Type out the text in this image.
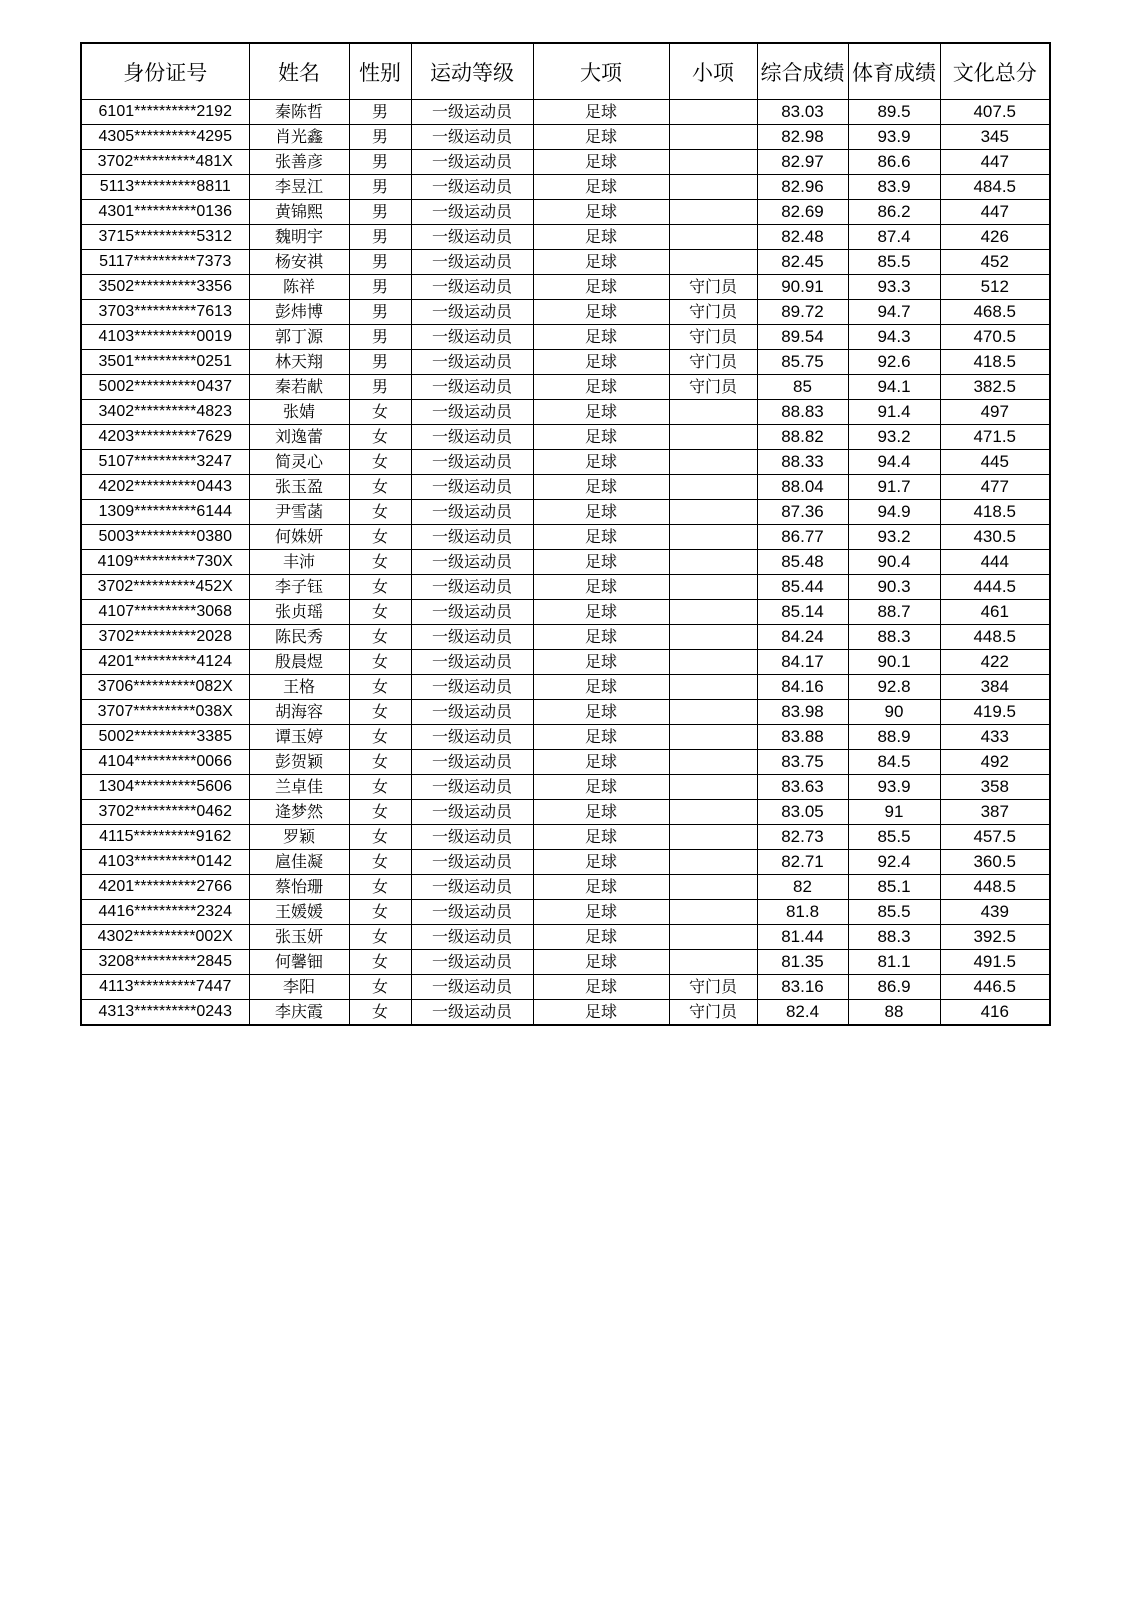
身份证号	姓名	性别	运动等级	大项	小项	综合成绩	体育成绩	文化总分
6101**********2192	秦陈哲	男	一级运动员	足球		83.03	89.5	407.5
4305**********4295	肖光鑫	男	一级运动员	足球		82.98	93.9	345
3702**********481X	张善彦	男	一级运动员	足球		82.97	86.6	447
5113**********8811	李昱江	男	一级运动员	足球		82.96	83.9	484.5
4301**********0136	黄锦熙	男	一级运动员	足球		82.69	86.2	447
3715**********5312	魏明宇	男	一级运动员	足球		82.48	87.4	426
5117**********7373	杨安祺	男	一级运动员	足球		82.45	85.5	452
3502**********3356	陈祥	男	一级运动员	足球	守门员	90.91	93.3	512
3703**********7613	彭炜博	男	一级运动员	足球	守门员	89.72	94.7	468.5
4103**********0019	郭丁源	男	一级运动员	足球	守门员	89.54	94.3	470.5
3501**********0251	林天翔	男	一级运动员	足球	守门员	85.75	92.6	418.5
5002**********0437	秦若献	男	一级运动员	足球	守门员	85	94.1	382.5
3402**********4823	张婧	女	一级运动员	足球		88.83	91.4	497
4203**********7629	刘逸蕾	女	一级运动员	足球		88.82	93.2	471.5
5107**********3247	简灵心	女	一级运动员	足球		88.33	94.4	445
4202**********0443	张玉盈	女	一级运动员	足球		88.04	91.7	477
1309**********6144	尹雪菡	女	一级运动员	足球		87.36	94.9	418.5
5003**********0380	何姝妍	女	一级运动员	足球		86.77	93.2	430.5
4109**********730X	丰沛	女	一级运动员	足球		85.48	90.4	444
3702**********452X	李子钰	女	一级运动员	足球		85.44	90.3	444.5
4107**********3068	张贞瑶	女	一级运动员	足球		85.14	88.7	461
3702**********2028	陈民秀	女	一级运动员	足球		84.24	88.3	448.5
4201**********4124	殷晨煜	女	一级运动员	足球		84.17	90.1	422
3706**********082X	王格	女	一级运动员	足球		84.16	92.8	384
3707**********038X	胡海容	女	一级运动员	足球		83.98	90	419.5
5002**********3385	谭玉婷	女	一级运动员	足球		83.88	88.9	433
4104**********0066	彭贺颖	女	一级运动员	足球		83.75	84.5	492
1304**********5606	兰卓佳	女	一级运动员	足球		83.63	93.9	358
3702**********0462	逄梦然	女	一级运动员	足球		83.05	91	387
4115**********9162	罗颖	女	一级运动员	足球		82.73	85.5	457.5
4103**********0142	扈佳凝	女	一级运动员	足球		82.71	92.4	360.5
4201**********2766	蔡怡珊	女	一级运动员	足球		82	85.1	448.5
4416**********2324	王媛媛	女	一级运动员	足球		81.8	85.5	439
4302**********002X	张玉妍	女	一级运动员	足球		81.44	88.3	392.5
3208**********2845	何馨钿	女	一级运动员	足球		81.35	81.1	491.5
4113**********7447	李阳	女	一级运动员	足球	守门员	83.16	86.9	446.5
4313**********0243	李庆霞	女	一级运动员	足球	守门员	82.4	88	416
